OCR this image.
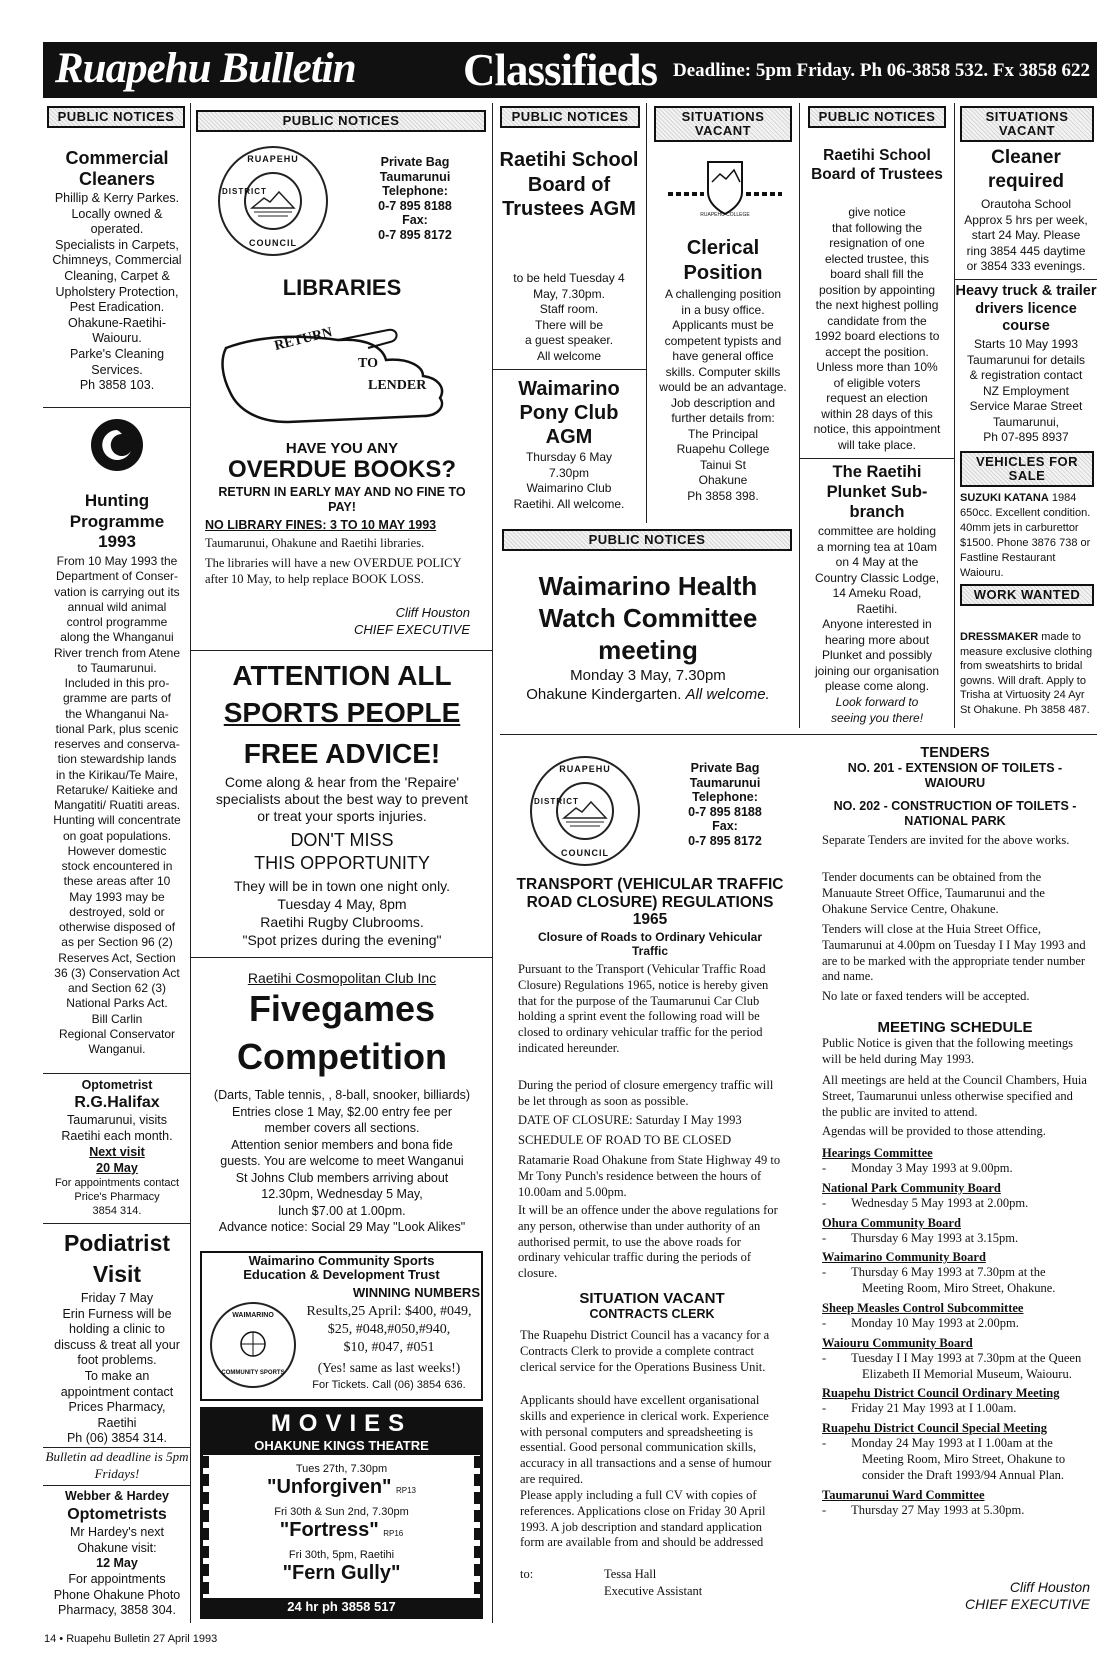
Ruapehu Bulletin Classifieds Deadline: 5pm Friday. Ph 06-3858 532. Fx 3858 622
PUBLIC NOTICES
Commercial Cleaners
Phillip & Kerry Parkes.
Locally owned &
operated.
Specialists in Carpets,
Chimneys, Commercial
Cleaning, Carpet &
Upholstery Protection,
Pest Eradication.
Ohakune-Raetihi-
Waiouru.
Parke's Cleaning
Services.
Ph 3858 103.
Hunting Programme
1993
From 10 May 1993 the
Department of Conser-
vation is carrying out its
annual wild animal
control programme
along the Whanganui
River trench from Atene
to Taumarunui.
Included in this pro-
gramme are parts of
the Whanganui Na-
tional Park, plus scenic
reserves and conserva-
tion stewardship lands
in the Kirikau/Te Maire,
Retaruke/ Kaitieke and
Mangatiti/ Ruatiti areas.
Hunting will concentrate
on goat populations.
However domestic
stock encountered in
these areas after 10
May 1993 may be
destroyed, sold or
otherwise disposed of
as per Section 96 (2)
Reserves Act, Section
36 (3) Conservation Act
and Section 62 (3)
National Parks Act.
Bill Carlin
Regional Conservator
Wanganui.
Optometrist
R.G.Halifax
Taumarunui, visits
Raetihi each month.
Next visit
20 May
For appointments contact
Price's Pharmacy
3854 314.
Podiatrist Visit
Friday 7 May
Erin Furness will be
holding a clinic to
discuss & treat all your
foot problems.
To make an
appointment contact
Prices Pharmacy,
Raetihi
Ph (06) 3854 314.
Bulletin ad deadline is 5pm Fridays!
Webber & Hardey
Optometrists
Mr Hardey's next
Ohakune visit:
12 May
For appointments
Phone Ohakune Photo
Pharmacy, 3858 304.
PUBLIC NOTICES
RUAPEHU
DISTRICT
COUNCIL
Private Bag
Taumarunui
Telephone:
0-7 895 8188
Fax:
0-7 895 8172
LIBRARIES
RETURN
TO
LENDER
HAVE YOU ANY
OVERDUE BOOKS?
RETURN IN EARLY MAY AND NO FINE TO PAY!
NO LIBRARY FINES: 3 TO 10 MAY 1993
Taumarunui, Ohakune and Raetihi libraries.
The libraries will have a new OVERDUE POLICY after 10 May, to help replace BOOK LOSS.
Cliff Houston
CHIEF EXECUTIVE
ATTENTION ALL
SPORTS PEOPLE
FREE ADVICE!
Come along & hear from the 'Repaire'
specialists about the best way to prevent
or treat your sports injuries.
DON'T MISS
THIS OPPORTUNITY
They will be in town one night only.
Tuesday 4 May, 8pm
Raetihi Rugby Clubrooms.
"Spot prizes during the evening"
Raetihi Cosmopolitan Club Inc
Fivegames
Competition
(Darts, Table tennis, , 8-ball, snooker, billiards)
Entries close 1 May, $2.00 entry fee per
member covers all sections.
Attention senior members and bona fide
guests. You are welcome to meet Wanganui
St Johns Club members arriving about
12.30pm, Wednesday 5 May,
lunch $7.00 at 1.00pm.
Advance notice: Social 29 May "Look Alikes"
Waimarino Community Sports
Education & Development Trust
WAIMARINO
COMMUNITY SPORTS
WINNING NUMBERS
Results,25 April: $400, #049,
$25, #048,#050,#940,
$10, #047, #051
(Yes! same as last weeks!)
For Tickets. Call (06) 3854 636.
MOVIES
OHAKUNE KINGS THEATRE
Tues 27th, 7.30pm
"Unforgiven" RP13
Fri 30th & Sun 2nd, 7.30pm
"Fortress" RP16
Fri 30th, 5pm, Raetihi
"Fern Gully"
24 hr ph 3858 517
PUBLIC NOTICES
Raetihi School Board of Trustees AGM
to be held Tuesday 4
May, 7.30pm.
Staff room.
There will be
a guest speaker.
All welcome
Waimarino Pony Club AGM
Thursday 6 May
7.30pm
Waimarino Club
Raetihi. All welcome.
SITUATIONS VACANT
RUAPEHU COLLEGE
Clerical Position
A challenging position
in a busy office.
Applicants must be
competent typists and
have general office
skills. Computer skills
would be an advantage.
Job description and
further details from:
The Principal
Ruapehu College
Tainui St
Ohakune
Ph 3858 398.
PUBLIC NOTICES
Raetihi School Board of Trustees
give notice
that following the
resignation of one
elected trustee, this
board shall fill the
position by appointing
the next highest polling
candidate from the
1992 board elections to
accept the position.
Unless more than 10%
of eligible voters
request an election
within 28 days of this
notice, this appointment
will take place.
The Raetihi Plunket Sub-branch
committee are holding
a morning tea at 10am
on 4 May at the
Country Classic Lodge,
14 Ameku Road,
Raetihi.
Anyone interested in
hearing more about
Plunket and possibly
joining our organisation
please come along.
Look forward to
seeing you there!
SITUATIONS VACANT
Cleaner required
Orautoha School
Approx 5 hrs per week,
start 24 May. Please
ring 3854 445 daytime
or 3854 333 evenings.
Heavy truck & trailer drivers licence course
Starts 10 May 1993
Taumarunui for details
& registration contact
NZ Employment
Service Marae Street
Taumarunui,
Ph 07-895 8937
VEHICLES FOR SALE
SUZUKI KATANA 1984 650cc. Excellent condition. 40mm jets in carburettor $1500. Phone 3876 738 or Fastline Restaurant Waiouru.
WORK WANTED
DRESSMAKER made to measure exclusive clothing from sweatshirts to bridal gowns. Will draft. Apply to Trisha at Virtuosity 24 Ayr St Ohakune. Ph 3858 487.
PUBLIC NOTICES
Waimarino Health Watch Committee meeting
Monday 3 May, 7.30pm
Ohakune Kindergarten. All welcome.
RUAPEHU
DISTRICT
COUNCIL
Private Bag
Taumarunui
Telephone:
0-7 895 8188
Fax:
0-7 895 8172
TRANSPORT (VEHICULAR TRAFFIC ROAD CLOSURE) REGULATIONS 1965
Closure of Roads to Ordinary Vehicular Traffic
Pursuant to the Transport (Vehicular Traffic Road Closure) Regulations 1965, notice is hereby given that for the purpose of the Taumarunui Car Club holding a sprint event the following road will be closed to ordinary vehicular traffic for the period indicated hereunder.
During the period of closure emergency traffic will be let through as soon as possible.
DATE OF CLOSURE: Saturday I May 1993
SCHEDULE OF ROAD TO BE CLOSED
Ratamarie Road Ohakune from State Highway 49 to Mr Tony Punch's residence between the hours of 10.00am and 5.00pm.
It will be an offence under the above regulations for any person, otherwise than under authority of an authorised permit, to use the above roads for ordinary vehicular traffic during the periods of closure.
SITUATION VACANT
CONTRACTS CLERK
The Ruapehu District Council has a vacancy for a Contracts Clerk to provide a complete contract clerical service for the Operations Business Unit.
Applicants should have excellent organisational skills and experience in clerical work. Experience with personal computers and spreadsheeting is essential. Good personal communication skills, accuracy in all transactions and a sense of humour are required.
Please apply including a full CV with copies of references. Applications close on Friday 30 April 1993. A job description and standard application form are available from and should be addressed
to:	Tessa Hall
Executive Assistant
TENDERS
NO. 201 - EXTENSION OF TOILETS - WAIOURU
NO. 202 - CONSTRUCTION OF TOILETS - NATIONAL PARK
Separate Tenders are invited for the above works.
Tender documents can be obtained from the Manuaute Street Office, Taumarunui and the Ohakune Service Centre, Ohakune.
Tenders will close at the Huia Street Office, Taumarunui at 4.00pm on Tuesday I I May 1993 and are to be marked with the appropriate tender number and name.
No late or faxed tenders will be accepted.
MEETING SCHEDULE
Public Notice is given that the following meetings will be held during May 1993.
All meetings are held at the Council Chambers, Huia Street, Taumarunui unless otherwise specified and the public are invited to attend.
Agendas will be provided to those attending.
Hearings Committee
-  Monday 3 May 1993 at 9.00pm.
National Park Community Board
-  Wednesday 5 May 1993 at 2.00pm.
Ohura Community Board
-  Thursday 6 May 1993 at 3.15pm.
Waimarino Community Board
-  Thursday 6 May 1993 at 7.30pm at the Meeting Room, Miro Street, Ohakune.
Sheep Measles Control Subcommittee
-  Monday 10 May 1993 at 2.00pm.
Waiouru Community Board
-  Tuesday I I May 1993 at 7.30pm at the Queen Elizabeth II Memorial Museum, Waiouru.
Ruapehu District Council Ordinary Meeting
-  Friday 21 May 1993 at I 1.00am.
Ruapehu District Council Special Meeting
-  Monday 24 May 1993 at I 1.00am at the Meeting Room, Miro Street, Ohakune to consider the Draft 1993/94 Annual Plan.
Taumarunui Ward Committee
-  Thursday 27 May 1993 at 5.30pm.
Cliff Houston
CHIEF EXECUTIVE
14 • Ruapehu Bulletin 27 April 1993
